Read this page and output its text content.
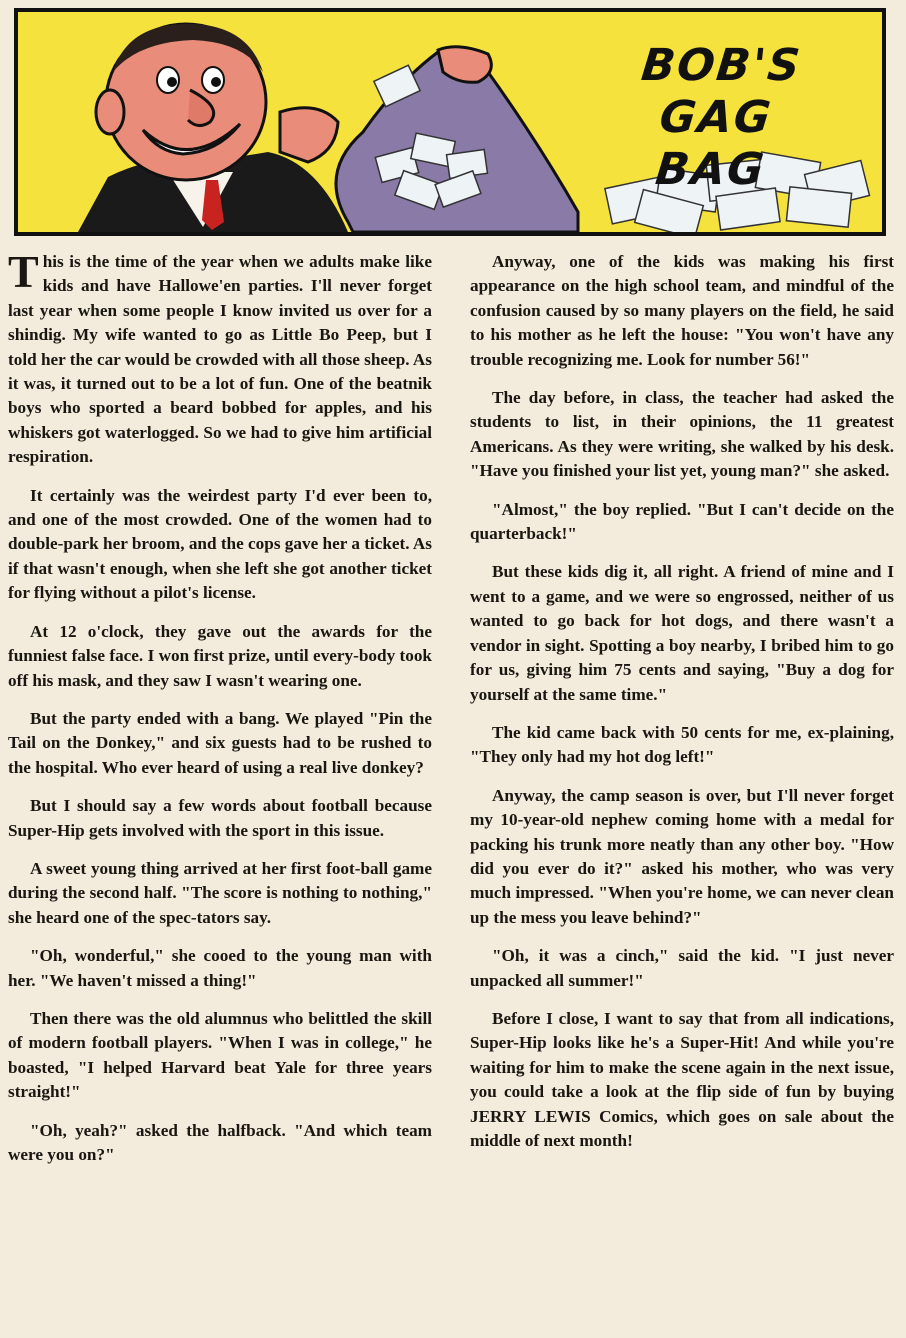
BOB'S
GAG BAG

This is the time of the year when we adults make like kids and have Hallowe'en parties. I'll never forget last year when some people I know invited us over for a shindig. My wife wanted to go as Little Bo Peep, but I told her the car would be crowded with all those sheep. As it was, it turned out to be a lot of fun. One of the beatnik boys who sported a beard bobbed for apples, and his whiskers got waterlogged. So we had to give him artificial respiration.

It certainly was the weirdest party I'd ever been to, and one of the most crowded. One of the women had to double-park her broom, and the cops gave her a ticket. As if that wasn't enough, when she left she got another ticket for flying without a pilot's license.

At 12 o'clock, they gave out the awards for the funniest false face. I won first prize, until every-body took off his mask, and they saw I wasn't wearing one.

But the party ended with a bang. We played "Pin the Tail on the Donkey," and six guests had to be rushed to the hospital. Who ever heard of using a real live donkey?

But I should say a few words about football because Super-Hip gets involved with the sport in this issue.

A sweet young thing arrived at her first foot-ball game during the second half. "The score is nothing to nothing," she heard one of the spec-tators say.

"Oh, wonderful," she cooed to the young man with her. "We haven't missed a thing!"

Then there was the old alumnus who belittled the skill of modern football players. "When I was in college," he boasted, "I helped Harvard beat Yale for three years straight!"

"Oh, yeah?" asked the halfback. "And which team were you on?"

Anyway, one of the kids was making his first appearance on the high school team, and mindful of the confusion caused by so many players on the field, he said to his mother as he left the house: "You won't have any trouble recognizing me. Look for number 56!"

The day before, in class, the teacher had asked the students to list, in their opinions, the 11 greatest Americans. As they were writing, she walked by his desk. "Have you finished your list yet, young man?" she asked.

"Almost," the boy replied. "But I can't decide on the quarterback!"

But these kids dig it, all right. A friend of mine and I went to a game, and we were so engrossed, neither of us wanted to go back for hot dogs, and there wasn't a vendor in sight. Spotting a boy nearby, I bribed him to go for us, giving him 75 cents and saying, "Buy a dog for yourself at the same time."

The kid came back with 50 cents for me, ex-plaining, "They only had my hot dog left!"

Anyway, the camp season is over, but I'll never forget my 10-year-old nephew coming home with a medal for packing his trunk more neatly than any other boy. "How did you ever do it?" asked his mother, who was very much impressed. "When you're home, we can never clean up the mess you leave behind?"

"Oh, it was a cinch," said the kid. "I just never unpacked all summer!"

Before I close, I want to say that from all indications, Super-Hip looks like he's a Super-Hit! And while you're waiting for him to make the scene again in the next issue, you could take a look at the flip side of fun by buying JERRY LEWIS Comics, which goes on sale about the middle of next month!
